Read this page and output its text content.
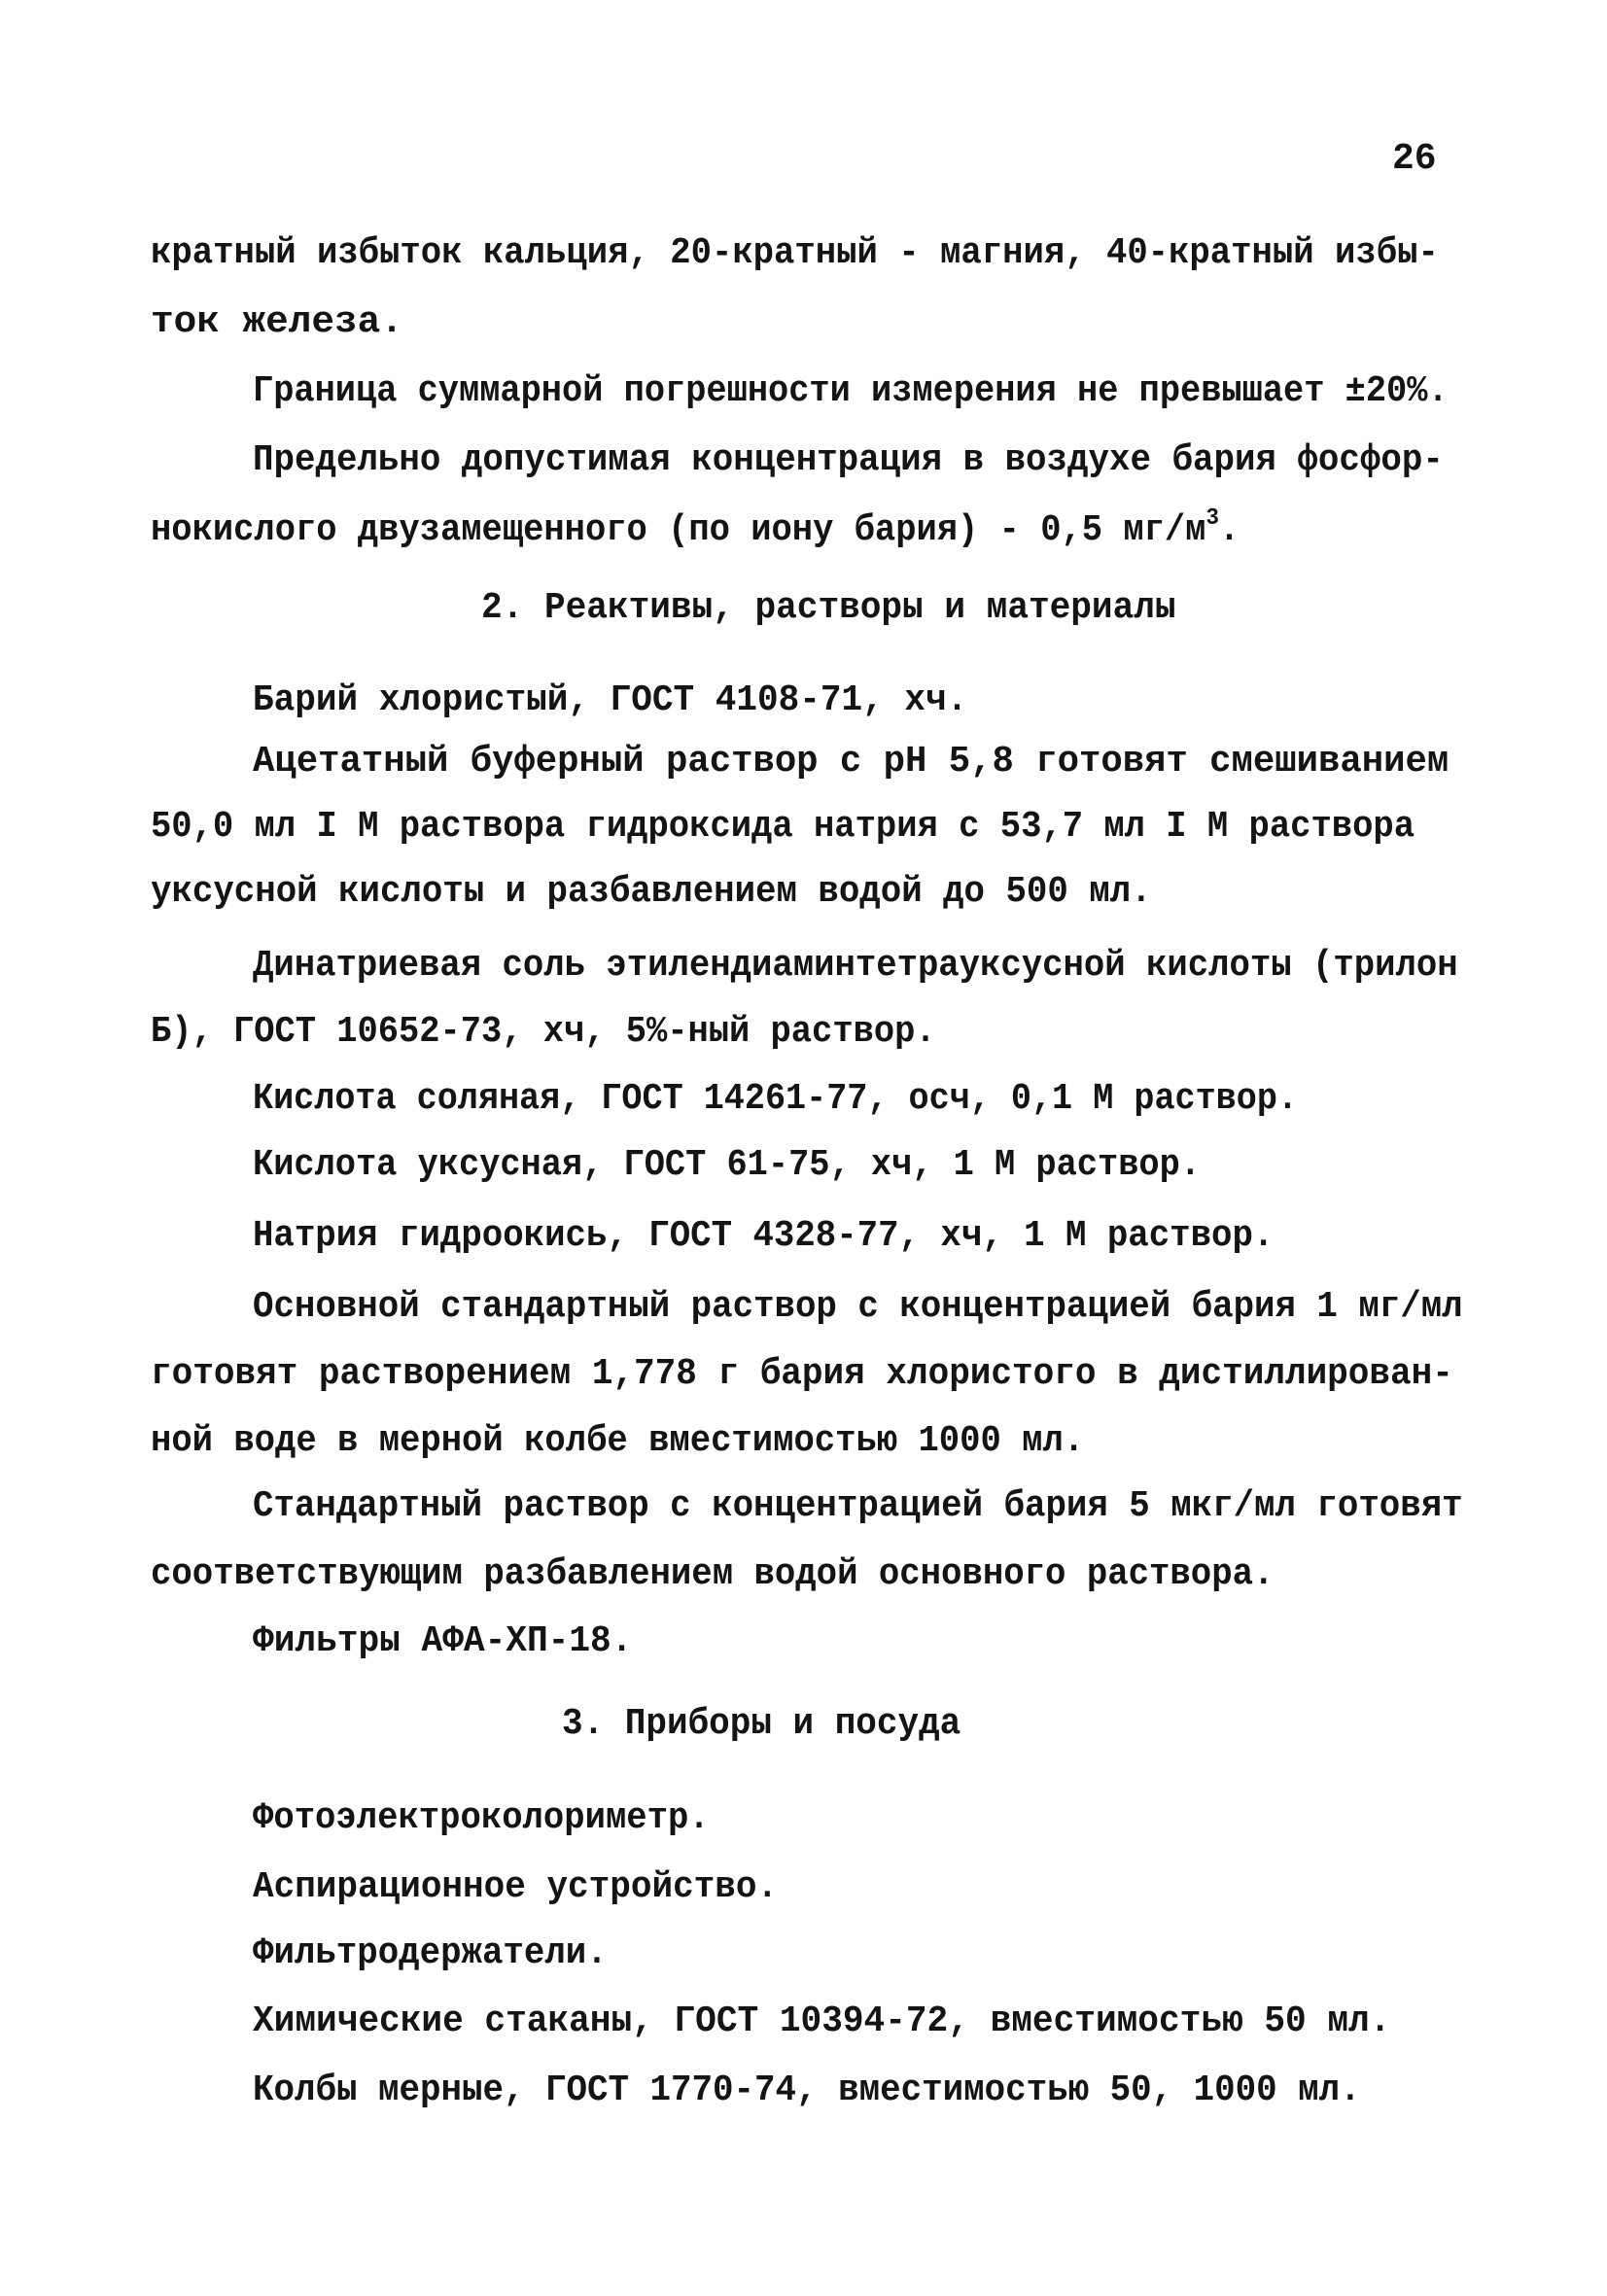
26
кратный избыток кальция, 20-кратный - магния, 40-кратный избы-
ток железа.
Граница суммарной погрешности измерения не превышает ±20%.
Предельно допустимая концентрация в воздухе бария фосфор-
нокислого двузамещенного (по иону бария) - 0,5 $мг/м^3$.
2. Реактивы, растворы и материалы
Барий хлористый, ГОСТ 4108-71, хч.
Ацетатный буферный раствор с рН 5,8 готовят смешиванием
50,0 мл I М раствора гидроксида натрия с 53,7 мл I М раствора
уксусной кислоты и разбавлением водой до 500 мл.
Динатриевая соль этилендиаминтетрауксусной кислоты (трилон
Б), ГОСТ 10652-73, хч, 5%-ный раствор.
Кислота соляная, ГОСТ 14261-77, осч, 0,1 М раствор.
Кислота уксусная, ГОСТ 61-75, хч, 1 М раствор.
Натрия гидроокись, ГОСТ 4328-77, хч, 1 М раствор.
Основной стандартный раствор с концентрацией бария 1 мг/мл
готовят растворением 1,778 г бария хлористого в дистиллирован-
ной воде в мерной колбе вместимостью 1000 мл.
Стандартный раствор с концентрацией бария 5 мкг/мл готовят
соответствующим разбавлением водой основного раствора.
Фильтры АФА-ХП-18.
3. Приборы и посуда
Фотоэлектроколориметр.
Аспирационное устройство.
Фильтродержатели.
Химические стаканы, ГОСТ 10394-72, вместимостью 50 мл.
Колбы мерные, ГОСТ 1770-74, вместимостью 50, 1000 мл.
